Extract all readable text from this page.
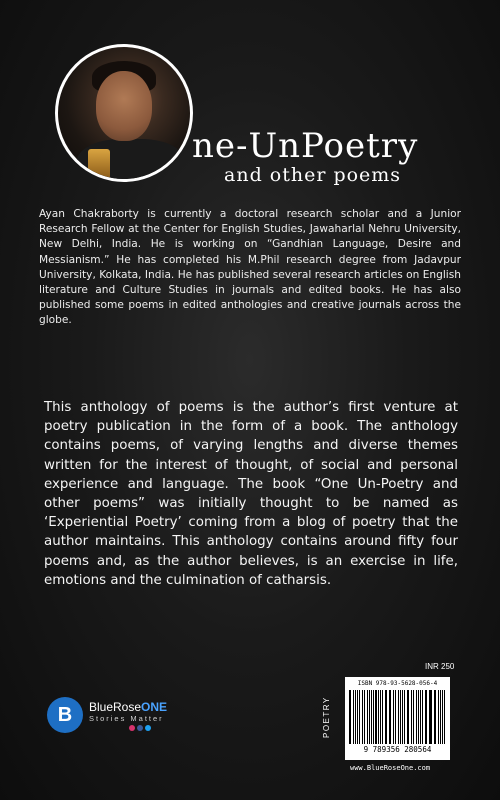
ne-UnPoetry
and other poems

Ayan Chakraborty is currently a doctoral research scholar and a Junior Research Fellow at the Center for English Studies, Jawaharlal Nehru University, New Delhi, India. He is working on “Gandhian Language, Desire and Messianism.” He has completed his M.Phil research degree from Jadavpur University, Kolkata, India. He has published several research articles on English literature and Culture Studies in journals and edited books. He has also published some poems in edited anthologies and creative journals across the globe.

This anthology of poems is the author’s first venture at poetry publication in the form of a book. The anthology contains poems, of varying lengths and diverse themes written for the interest of thought, of social and personal experience and language. The book “One Un-Poetry and other poems” was initially thought to be named as ‘Experiential Poetry’ coming from a blog of poetry that the author maintains. This anthology contains around fifty four poems and, as the author believes, is an exercise in life, emotions and the culmination of catharsis.

B	BlueRoseONE
Stories Matter
INR 250
POETRY
ISBN 978-93-5628-056-4
9 789356 280564
www.BlueRoseOne.com
